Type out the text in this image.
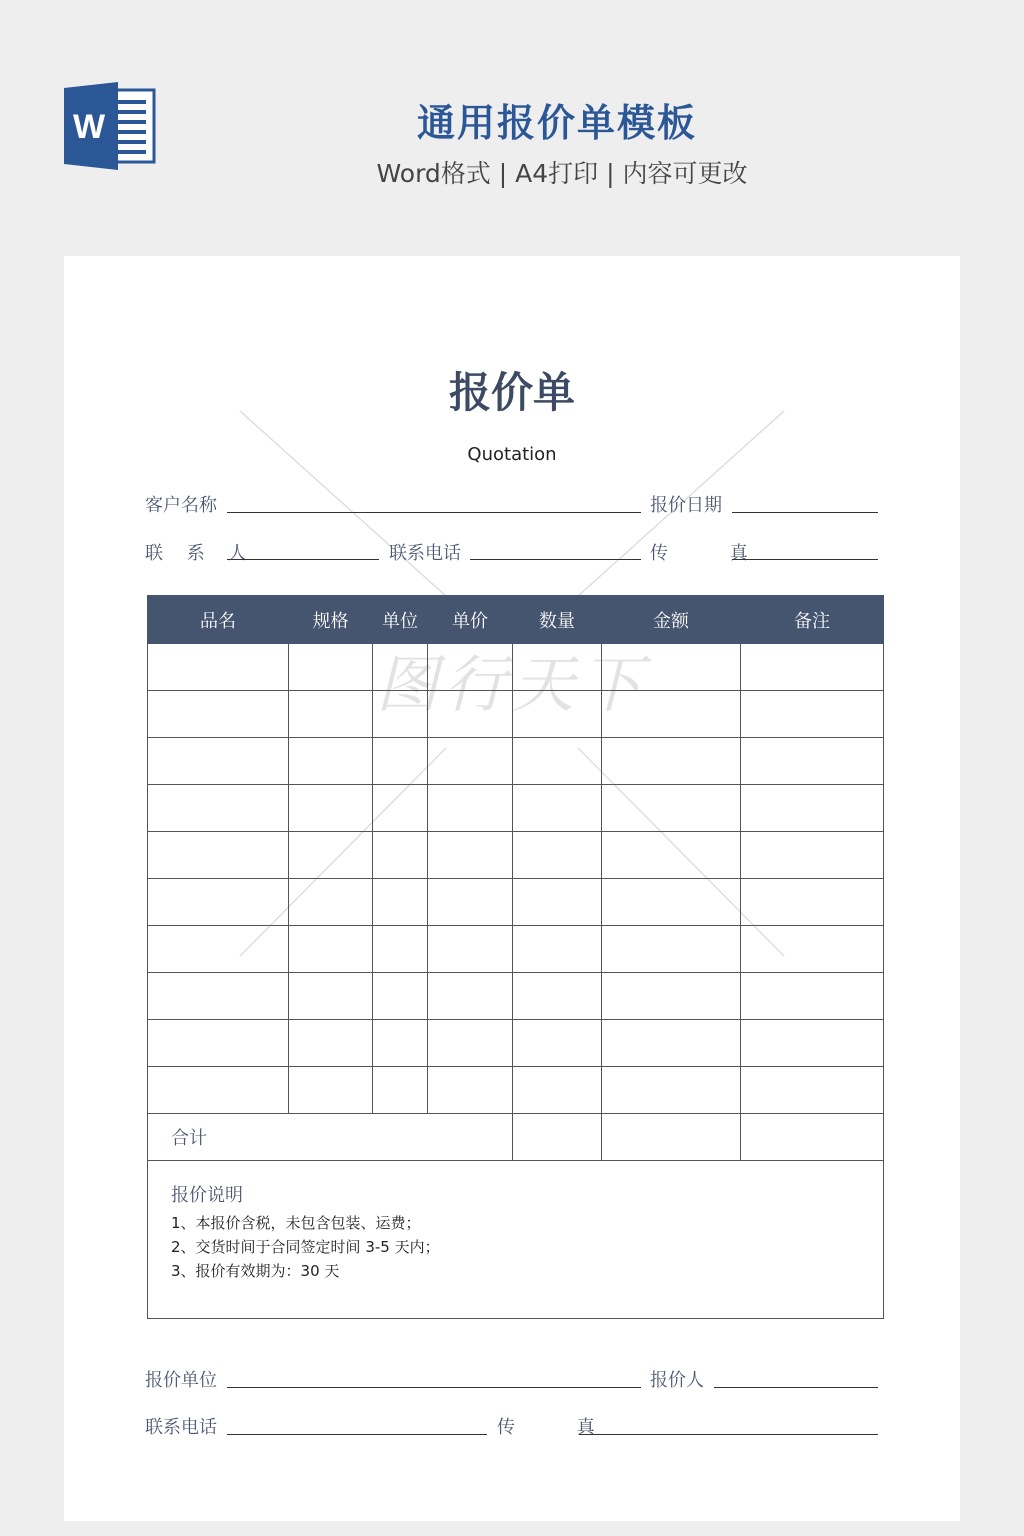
W	通用报价单模板
Word格式 | A4打印 | 内容可更改
图行天下
报价单
Quotation
客户名称	报价日期
联 系 人	联系电话	传 真
品名	规格	单位	单价	数量	金额	备注

合计						

报价说明
1、本报价含税，未包含包装、运费；
2、交货时间于合同签定时间 3-5 天内；
3、报价有效期为：30 天						
报价单位	报价人
联系电话	传 真
